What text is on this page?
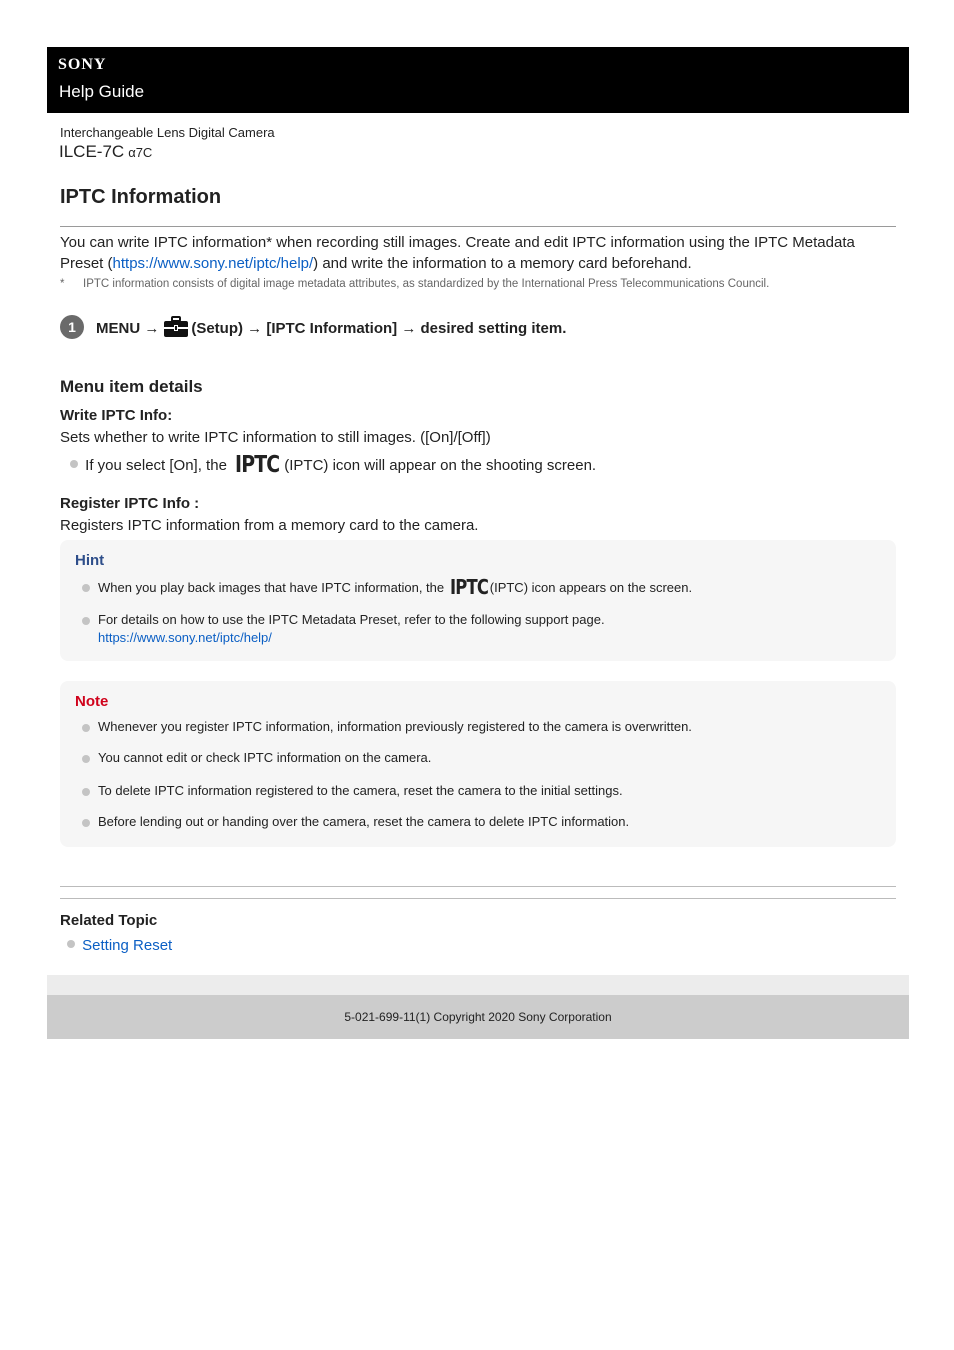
SONY
Help Guide
Interchangeable Lens Digital Camera
ILCE-7C α7C
IPTC Information

You can write IPTC information* when recording still images. Create and edit IPTC information using the IPTC Metadata Preset (https://www.sony.net/iptc/help/) and write the information to a memory card beforehand.

* IPTC information consists of digital image metadata attributes, as standardized by the International Press Telecommunications Council.
1	MENU → (Setup) → [IPTC Information] → desired setting item.
Menu item details
Write IPTC Info:
Sets whether to write IPTC information to still images. ([On]/[Off])
If you select [On], the IPTC (IPTC) icon will appear on the shooting screen.
Register IPTC Info :
Registers IPTC information from a memory card to the camera.
Hint
When you play back images that have IPTC information, the IPTC (IPTC) icon appears on the screen.
For details on how to use the IPTC Metadata Preset, refer to the following support page.
https://www.sony.net/iptc/help/
Note
Whenever you register IPTC information, information previously registered to the camera is overwritten.
You cannot edit or check IPTC information on the camera.
To delete IPTC information registered to the camera, reset the camera to the initial settings.
Before lending out or handing over the camera, reset the camera to delete IPTC information.
Related Topic
Setting Reset
5-021-699-11(1) Copyright 2020 Sony Corporation
